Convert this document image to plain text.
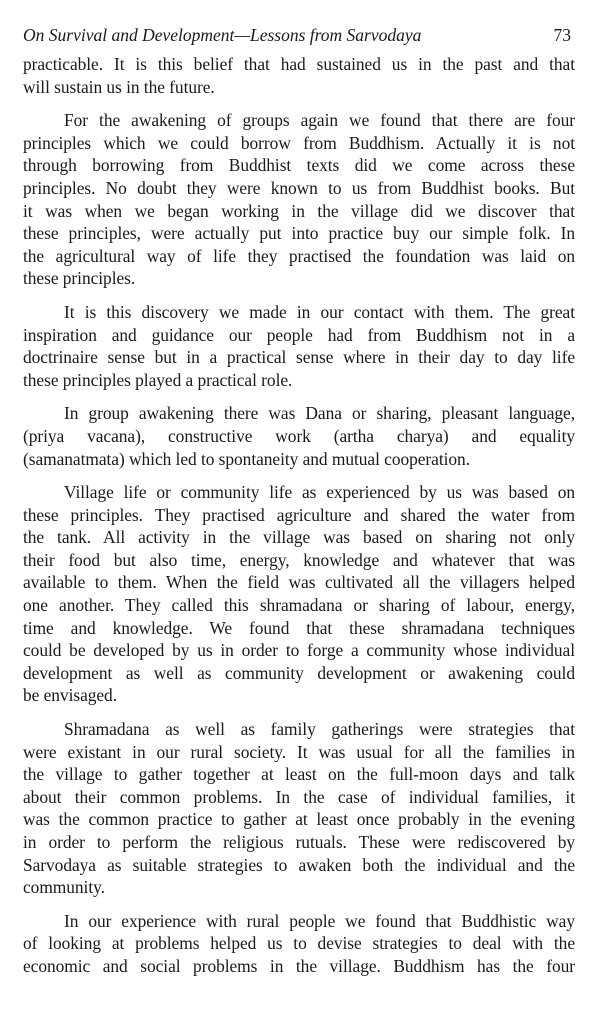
On Survival and Development—Lessons from Sarvodaya	73

practicable. It is this belief that had sustained us in the past and that
will sustain us in the future.

For the awakening of groups again we found that there are four
principles which we could borrow from Buddhism. Actually it is not
through borrowing from Buddhist texts did we come across these
principles. No doubt they were known to us from Buddhist books. But
it was when we began working in the village did we discover that
these principles, were actually put into practice buy our simple folk. In
the agricultural way of life they practised the foundation was laid on
these principles.

It is this discovery we made in our contact with them. The great
inspiration and guidance our people had from Buddhism not in a
doctrinaire sense but in a practical sense where in their day to day life
these principles played a practical role.

In group awakening there was Dana or sharing, pleasant language,
(priya vacana), constructive work (artha charya) and equality
(samanatmata) which led to spontaneity and mutual cooperation.

Village life or community life as experienced by us was based on
these principles. They practised agriculture and shared the water from
the tank. All activity in the village was based on sharing not only
their food but also time, energy, knowledge and whatever that was
available to them. When the field was cultivated all the villagers helped
one another. They called this shramadana or sharing of labour, energy,
time and knowledge. We found that these shramadana techniques
could be developed by us in order to forge a community whose individual
development as well as community development or awakening could
be envisaged.

Shramadana as well as family gatherings were strategies that
were existant in our rural society. It was usual for all the families in
the village to gather together at least on the full-moon days and talk
about their common problems. In the case of individual families, it
was the common practice to gather at least once probably in the evening
in order to perform the religious rutuals. These were rediscovered by
Sarvodaya as suitable strategies to awaken both the individual and the
community.

In our experience with rural people we found that Buddhistic way
of looking at problems helped us to devise strategies to deal with the
economic and social problems in the village. Buddhism has the four
